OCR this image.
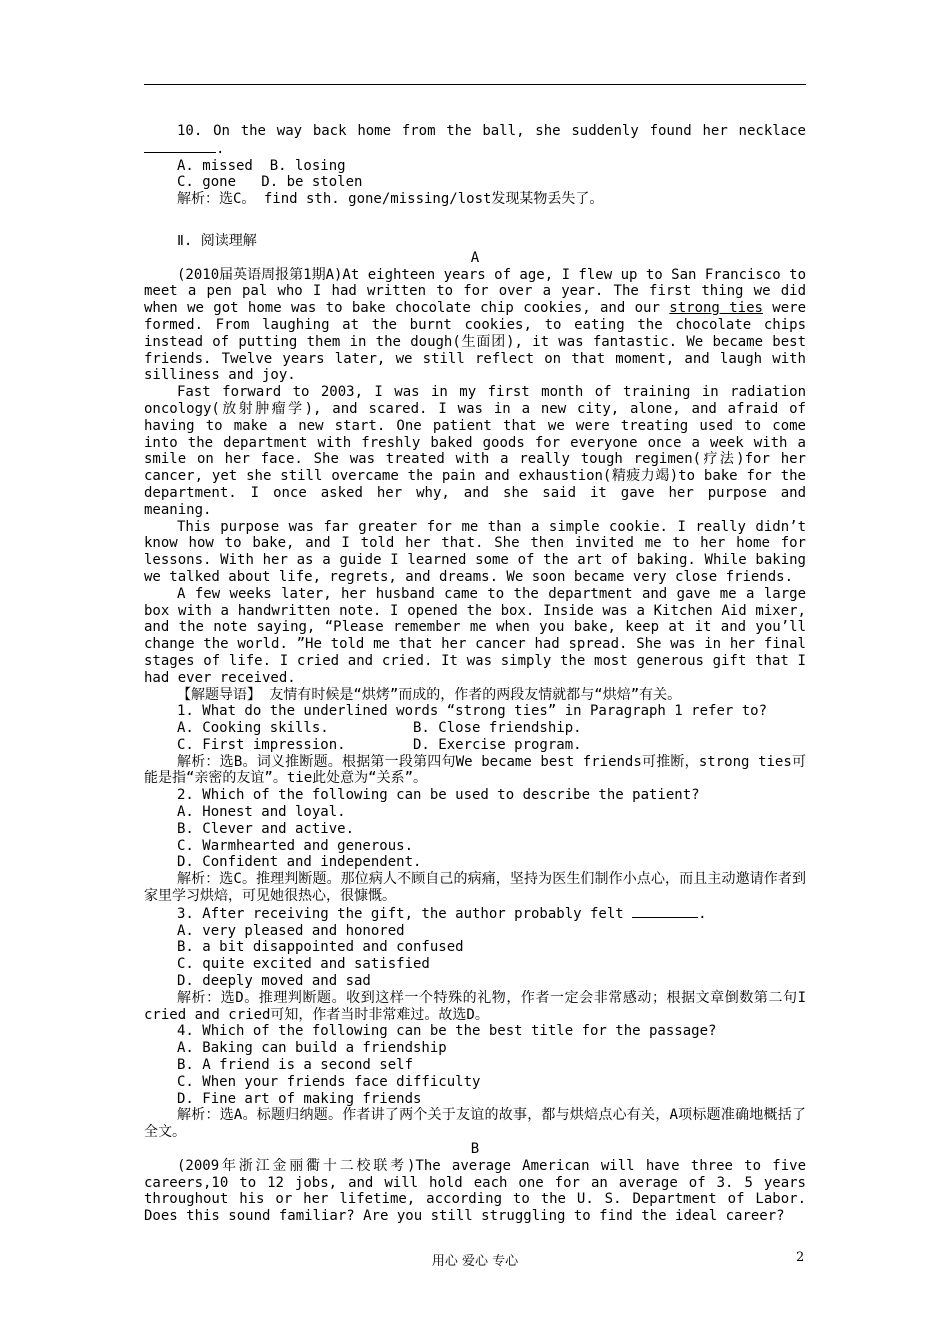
10. On the way back home from the ball, she suddenly found her necklace .

A. missed  B. losing

C. gone   D. be stolen

解析：选C。 find sth. gone/missing/lost发现某物丢失了。

Ⅱ. 阅读理解

A

(2010届英语周报第1期A)At eighteen years of age, I flew up to San Francisco to meet a pen pal who I had written to for over a year. The first thing we did when we got home was to bake chocolate chip cookies, and our strong ties were formed. From laughing at the burnt cookies, to eating the chocolate chips instead of putting them in the dough(生面团), it was fantastic. We became best friends. Twelve years later, we still reflect on that moment, and laugh with silliness and joy.

Fast forward to 2003, I was in my first month of training in radiation oncology(放射肿瘤学), and scared. I was in a new city, alone, and afraid of having to make a new start. One patient that we were treating used to come into the department with freshly baked goods for everyone once a week with a smile on her face. She was treated with a really tough regimen(疗法)for her cancer, yet she still overcame the pain and exhaustion(精疲力竭)to bake for the department. I once asked her why, and she said it gave her purpose and meaning.

This purpose was far greater for me than a simple cookie. I really didn’t know how to bake, and I told her that. She then invited me to her home for lessons. With her as a guide I learned some of the art of baking. While baking we talked about life, regrets, and dreams. We soon became very close friends.

A few weeks later, her husband came to the department and gave me a large box with a handwritten note. I opened the box. Inside was a Kitchen Aid mixer, and the note saying, “Please remember me when you bake, keep at it and you’ll change the world. ”He told me that her cancer had spread. She was in her final stages of life. I cried and cried. It was simply the most generous gift that I had ever received.

【解题导语】 友情有时候是“烘烤”而成的，作者的两段友情就都与“烘焙”有关。

1. What do the underlined words “strong ties” in Paragraph 1 refer to?

A. Cooking skills.          B. Close friendship.

C. First impression.        D. Exercise program.

解析：选B。词义推断题。根据第一段第四句We became best friends可推断，strong ties可能是指“亲密的友谊”。tie此处意为“关系”。

2. Which of the following can be used to describe the patient?

A. Honest and loyal.

B. Clever and active.

C. Warmhearted and generous.

D. Confident and independent.

解析：选C。推理判断题。那位病人不顾自己的病痛，坚持为医生们制作小点心，而且主动邀请作者到家里学习烘焙，可见她很热心，很慷慨。

3. After receiving the gift, the author probably felt	.

A. very pleased and honored

B. a bit disappointed and confused

C. quite excited and satisfied

D. deeply moved and sad

解析：选D。推理判断题。收到这样一个特殊的礼物，作者一定会非常感动；根据文章倒数第二句I cried and cried可知，作者当时非常难过。故选D。

4. Which of the following can be the best title for the passage?

A. Baking can build a friendship

B. A friend is a second self

C. When your friends face difficulty

D. Fine art of making friends

解析：选A。标题归纳题。作者讲了两个关于友谊的故事，都与烘焙点心有关，A项标题准确地概括了全文。

B

(2009年浙江金丽衢十二校联考)The average American will have three to five careers,10 to 12 jobs, and will hold each one for an average of 3. 5 years throughout his or her lifetime, according to the U. S. Department of Labor. Does this sound familiar? Are you still struggling to find the ideal career?

用心 爱心 专心	2
